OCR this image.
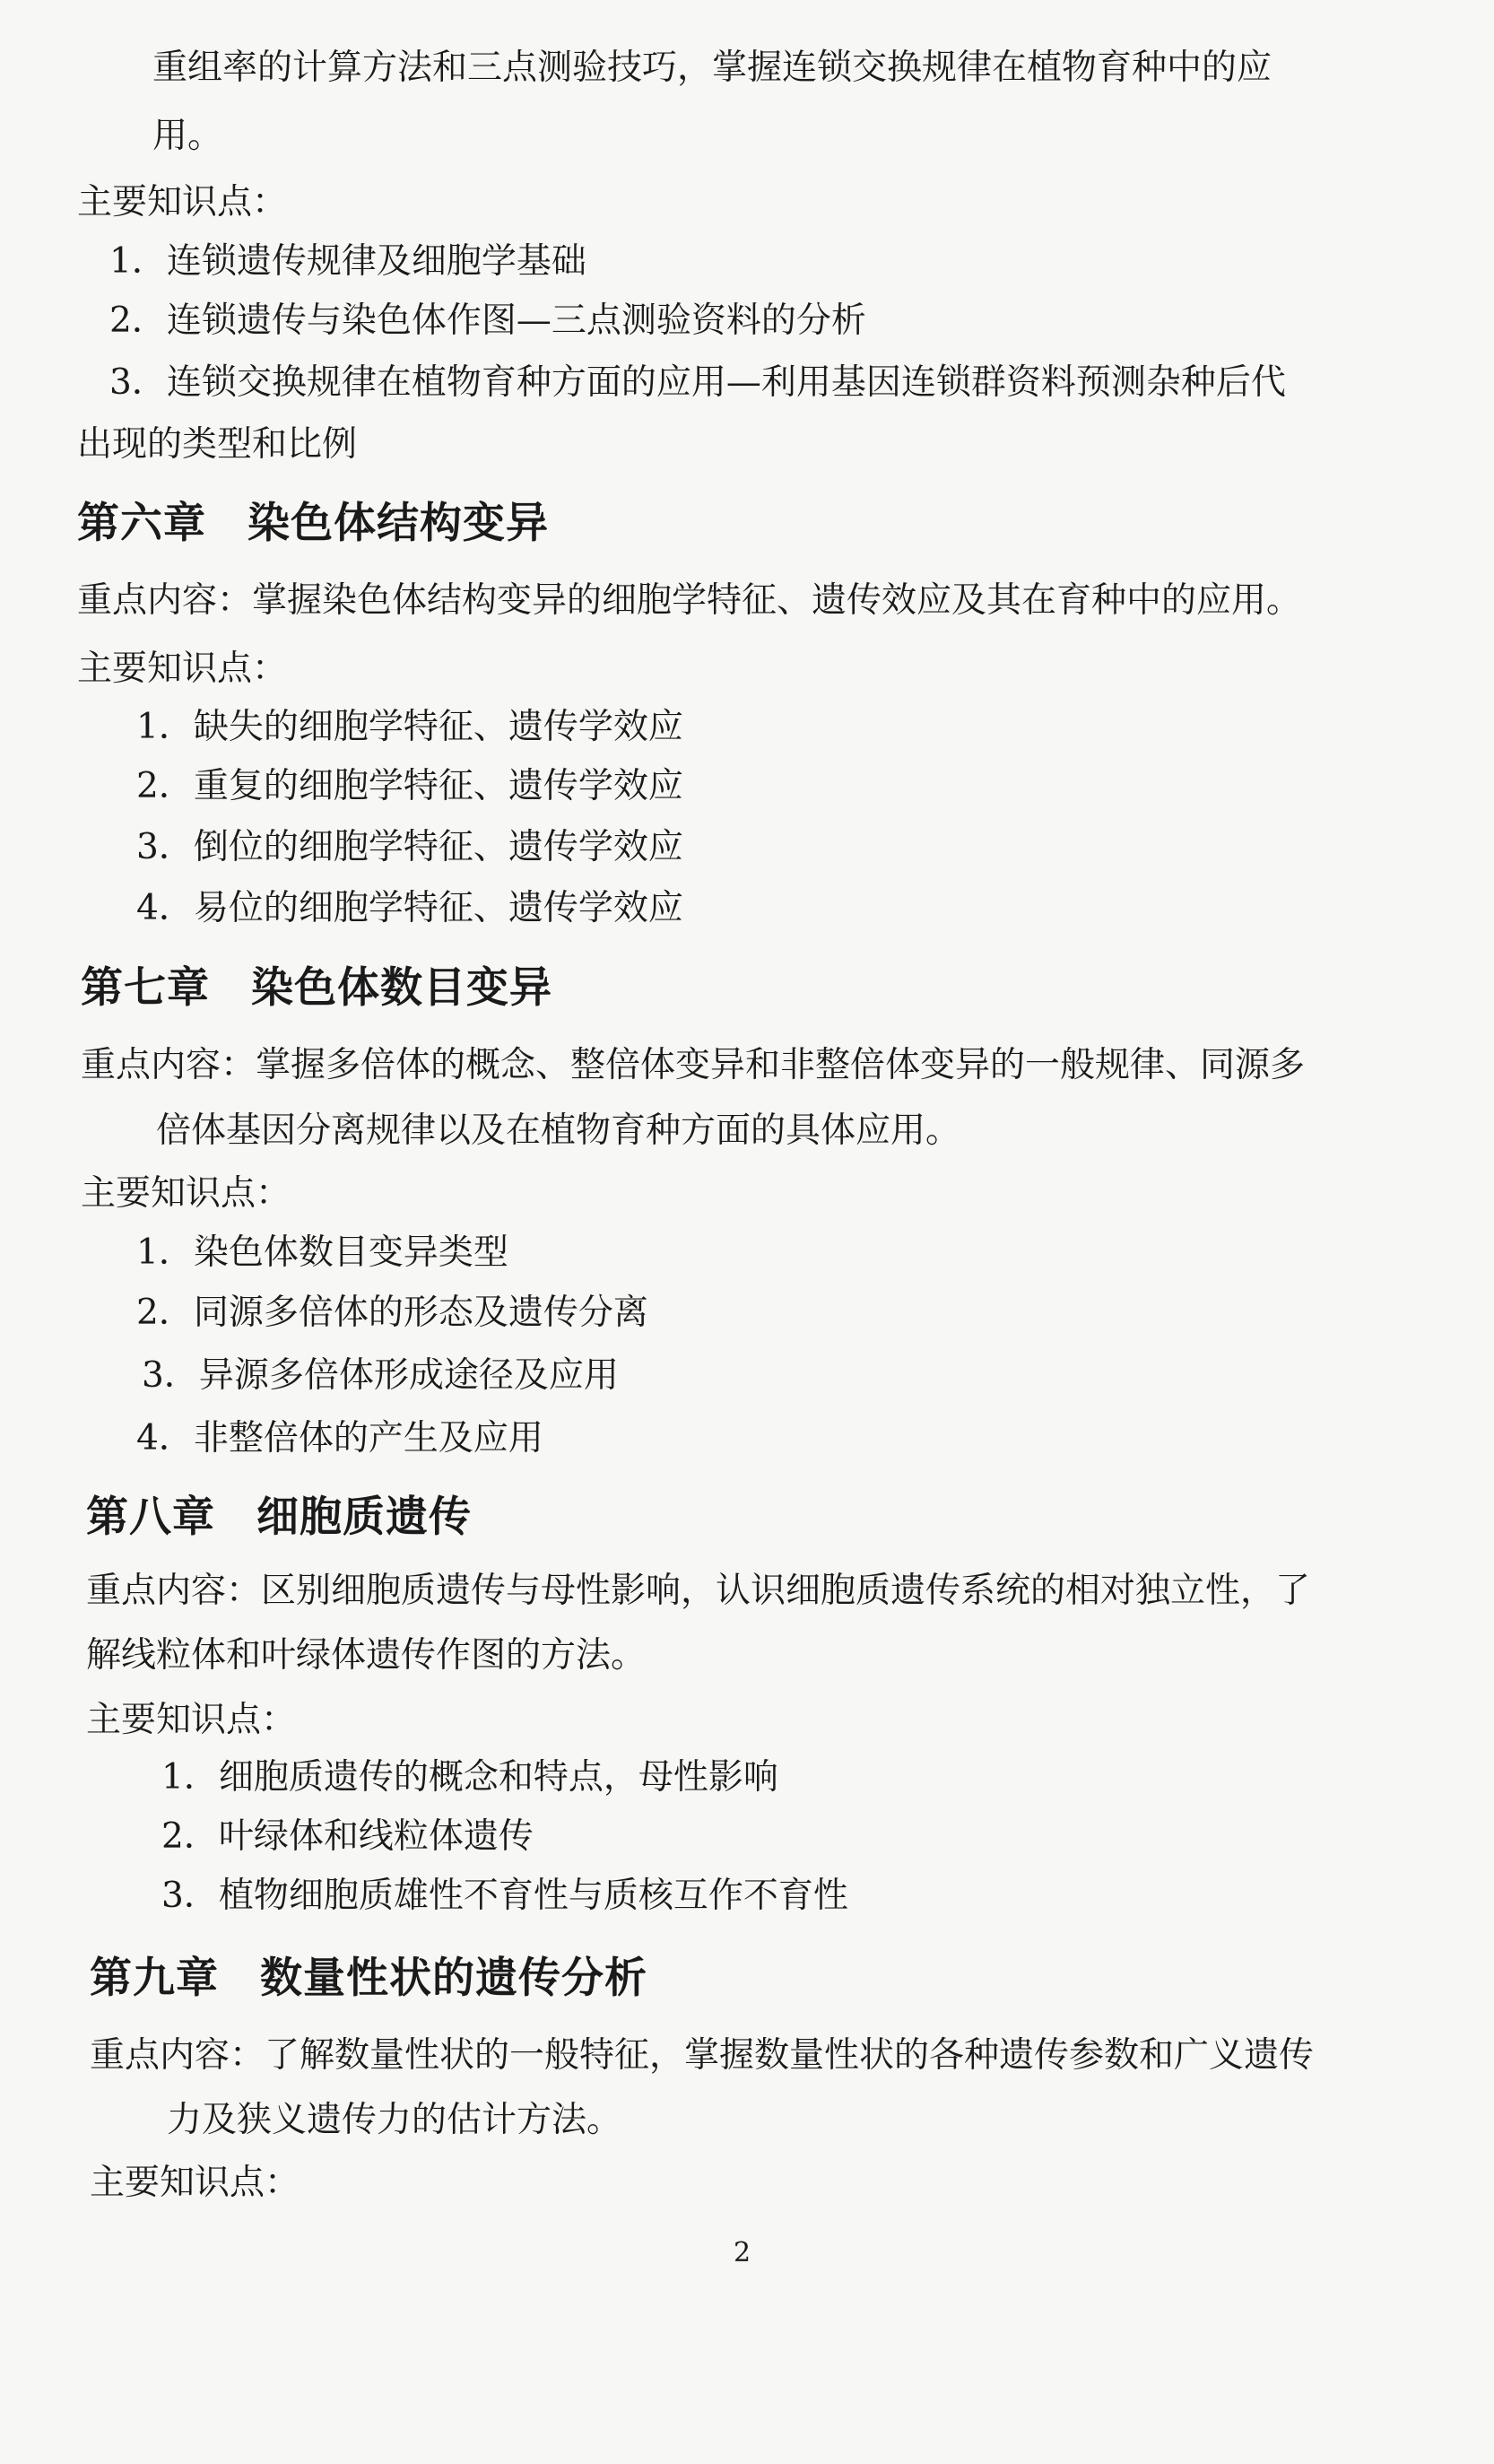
重组率的计算方法和三点测验技巧，掌握连锁交换规律在植物育种中的应
用。
主要知识点：
1．连锁遗传规律及细胞学基础
2．连锁遗传与染色体作图—三点测验资料的分析
3．连锁交换规律在植物育种方面的应用—利用基因连锁群资料预测杂种后代
出现的类型和比例
第六章 染色体结构变异
重点内容：掌握染色体结构变异的细胞学特征、遗传效应及其在育种中的应用。
主要知识点：
1．缺失的细胞学特征、遗传学效应
2．重复的细胞学特征、遗传学效应
3．倒位的细胞学特征、遗传学效应
4．易位的细胞学特征、遗传学效应
第七章 染色体数目变异
重点内容：掌握多倍体的概念、整倍体变异和非整倍体变异的一般规律、同源多
倍体基因分离规律以及在植物育种方面的具体应用。
主要知识点：
1．染色体数目变异类型
2．同源多倍体的形态及遗传分离
3．异源多倍体形成途径及应用
4．非整倍体的产生及应用
第八章 细胞质遗传
重点内容：区别细胞质遗传与母性影响，认识细胞质遗传系统的相对独立性，了
解线粒体和叶绿体遗传作图的方法。
主要知识点：
1．细胞质遗传的概念和特点，母性影响
2．叶绿体和线粒体遗传
3．植物细胞质雄性不育性与质核互作不育性
第九章 数量性状的遗传分析
重点内容：了解数量性状的一般特征，掌握数量性状的各种遗传参数和广义遗传
力及狭义遗传力的估计方法。
主要知识点：
2
